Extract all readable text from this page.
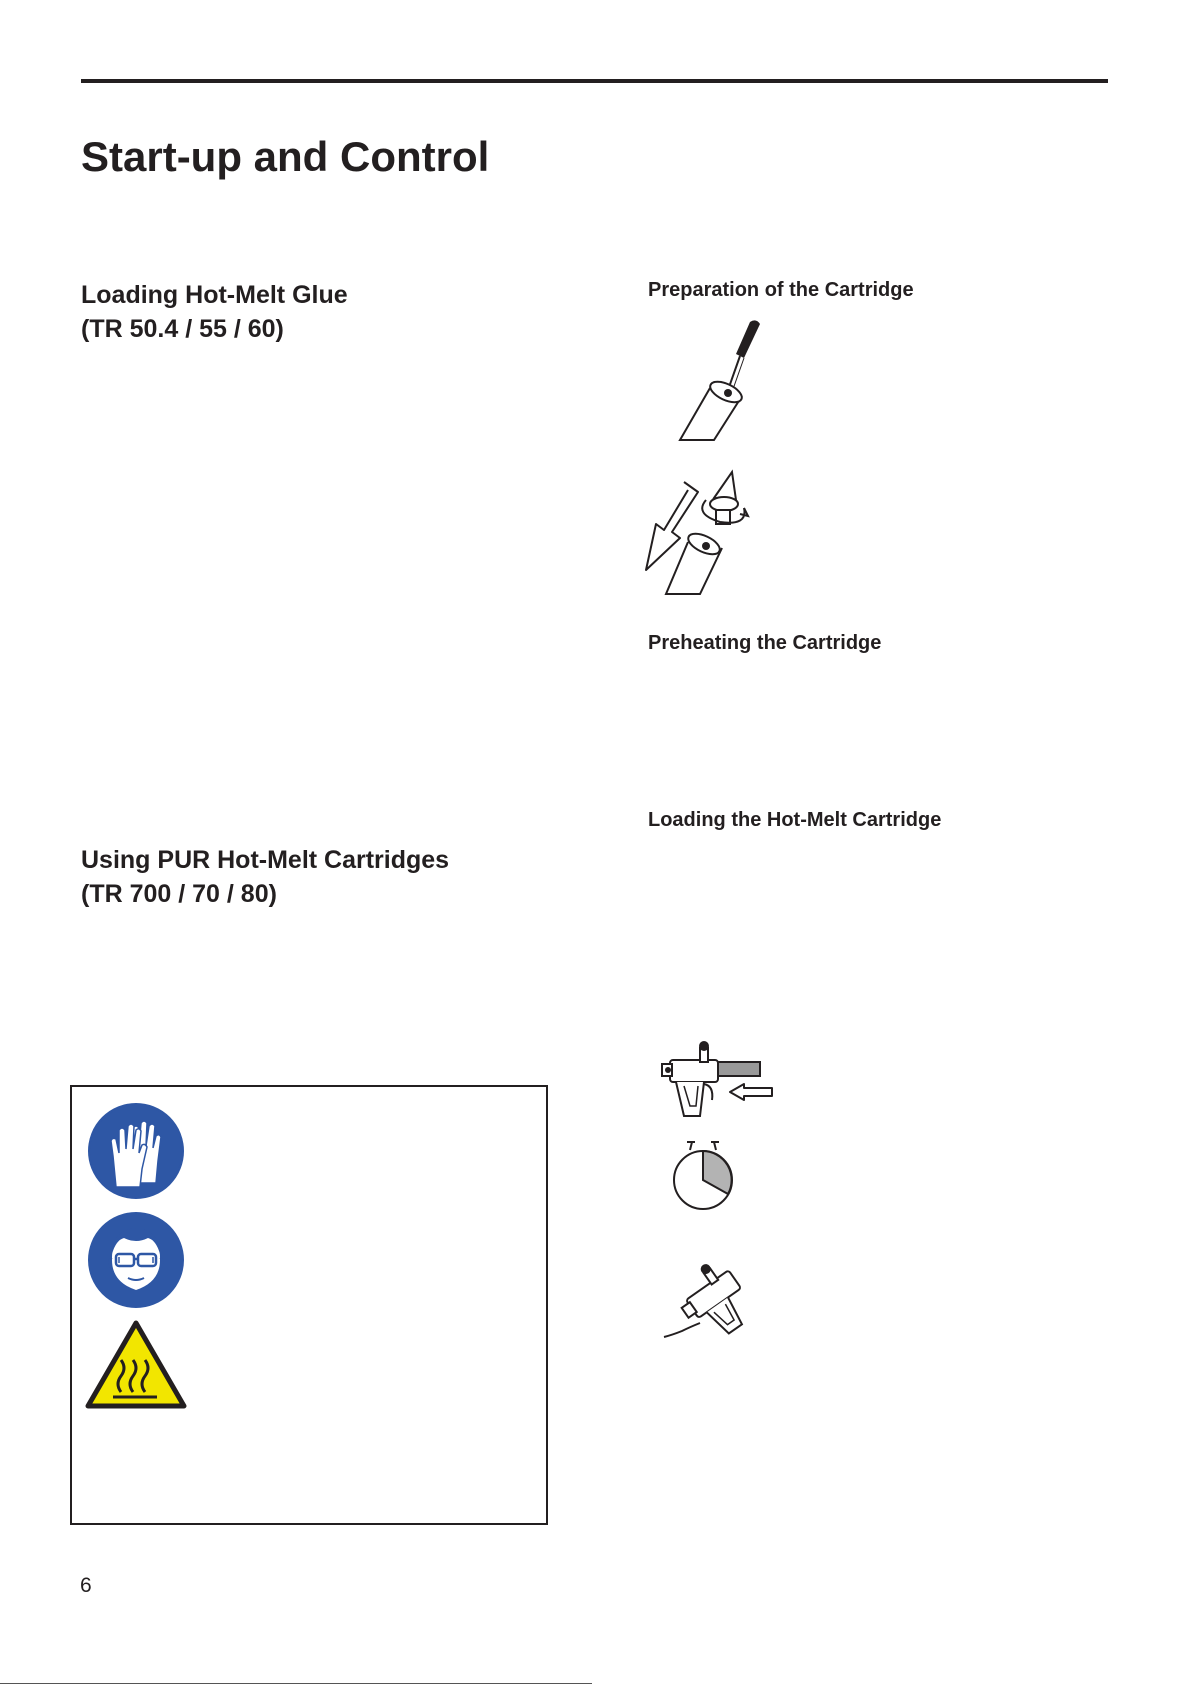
Start-up and Control
Loading Hot-Melt Glue
(TR 50.4 / 55 / 60)
Using PUR Hot-Melt Cartridges
(TR 700 / 70 / 80)
Preparation of the Cartridge
Preheating the Cartridge
Loading the Hot-Melt Cartridge
6
